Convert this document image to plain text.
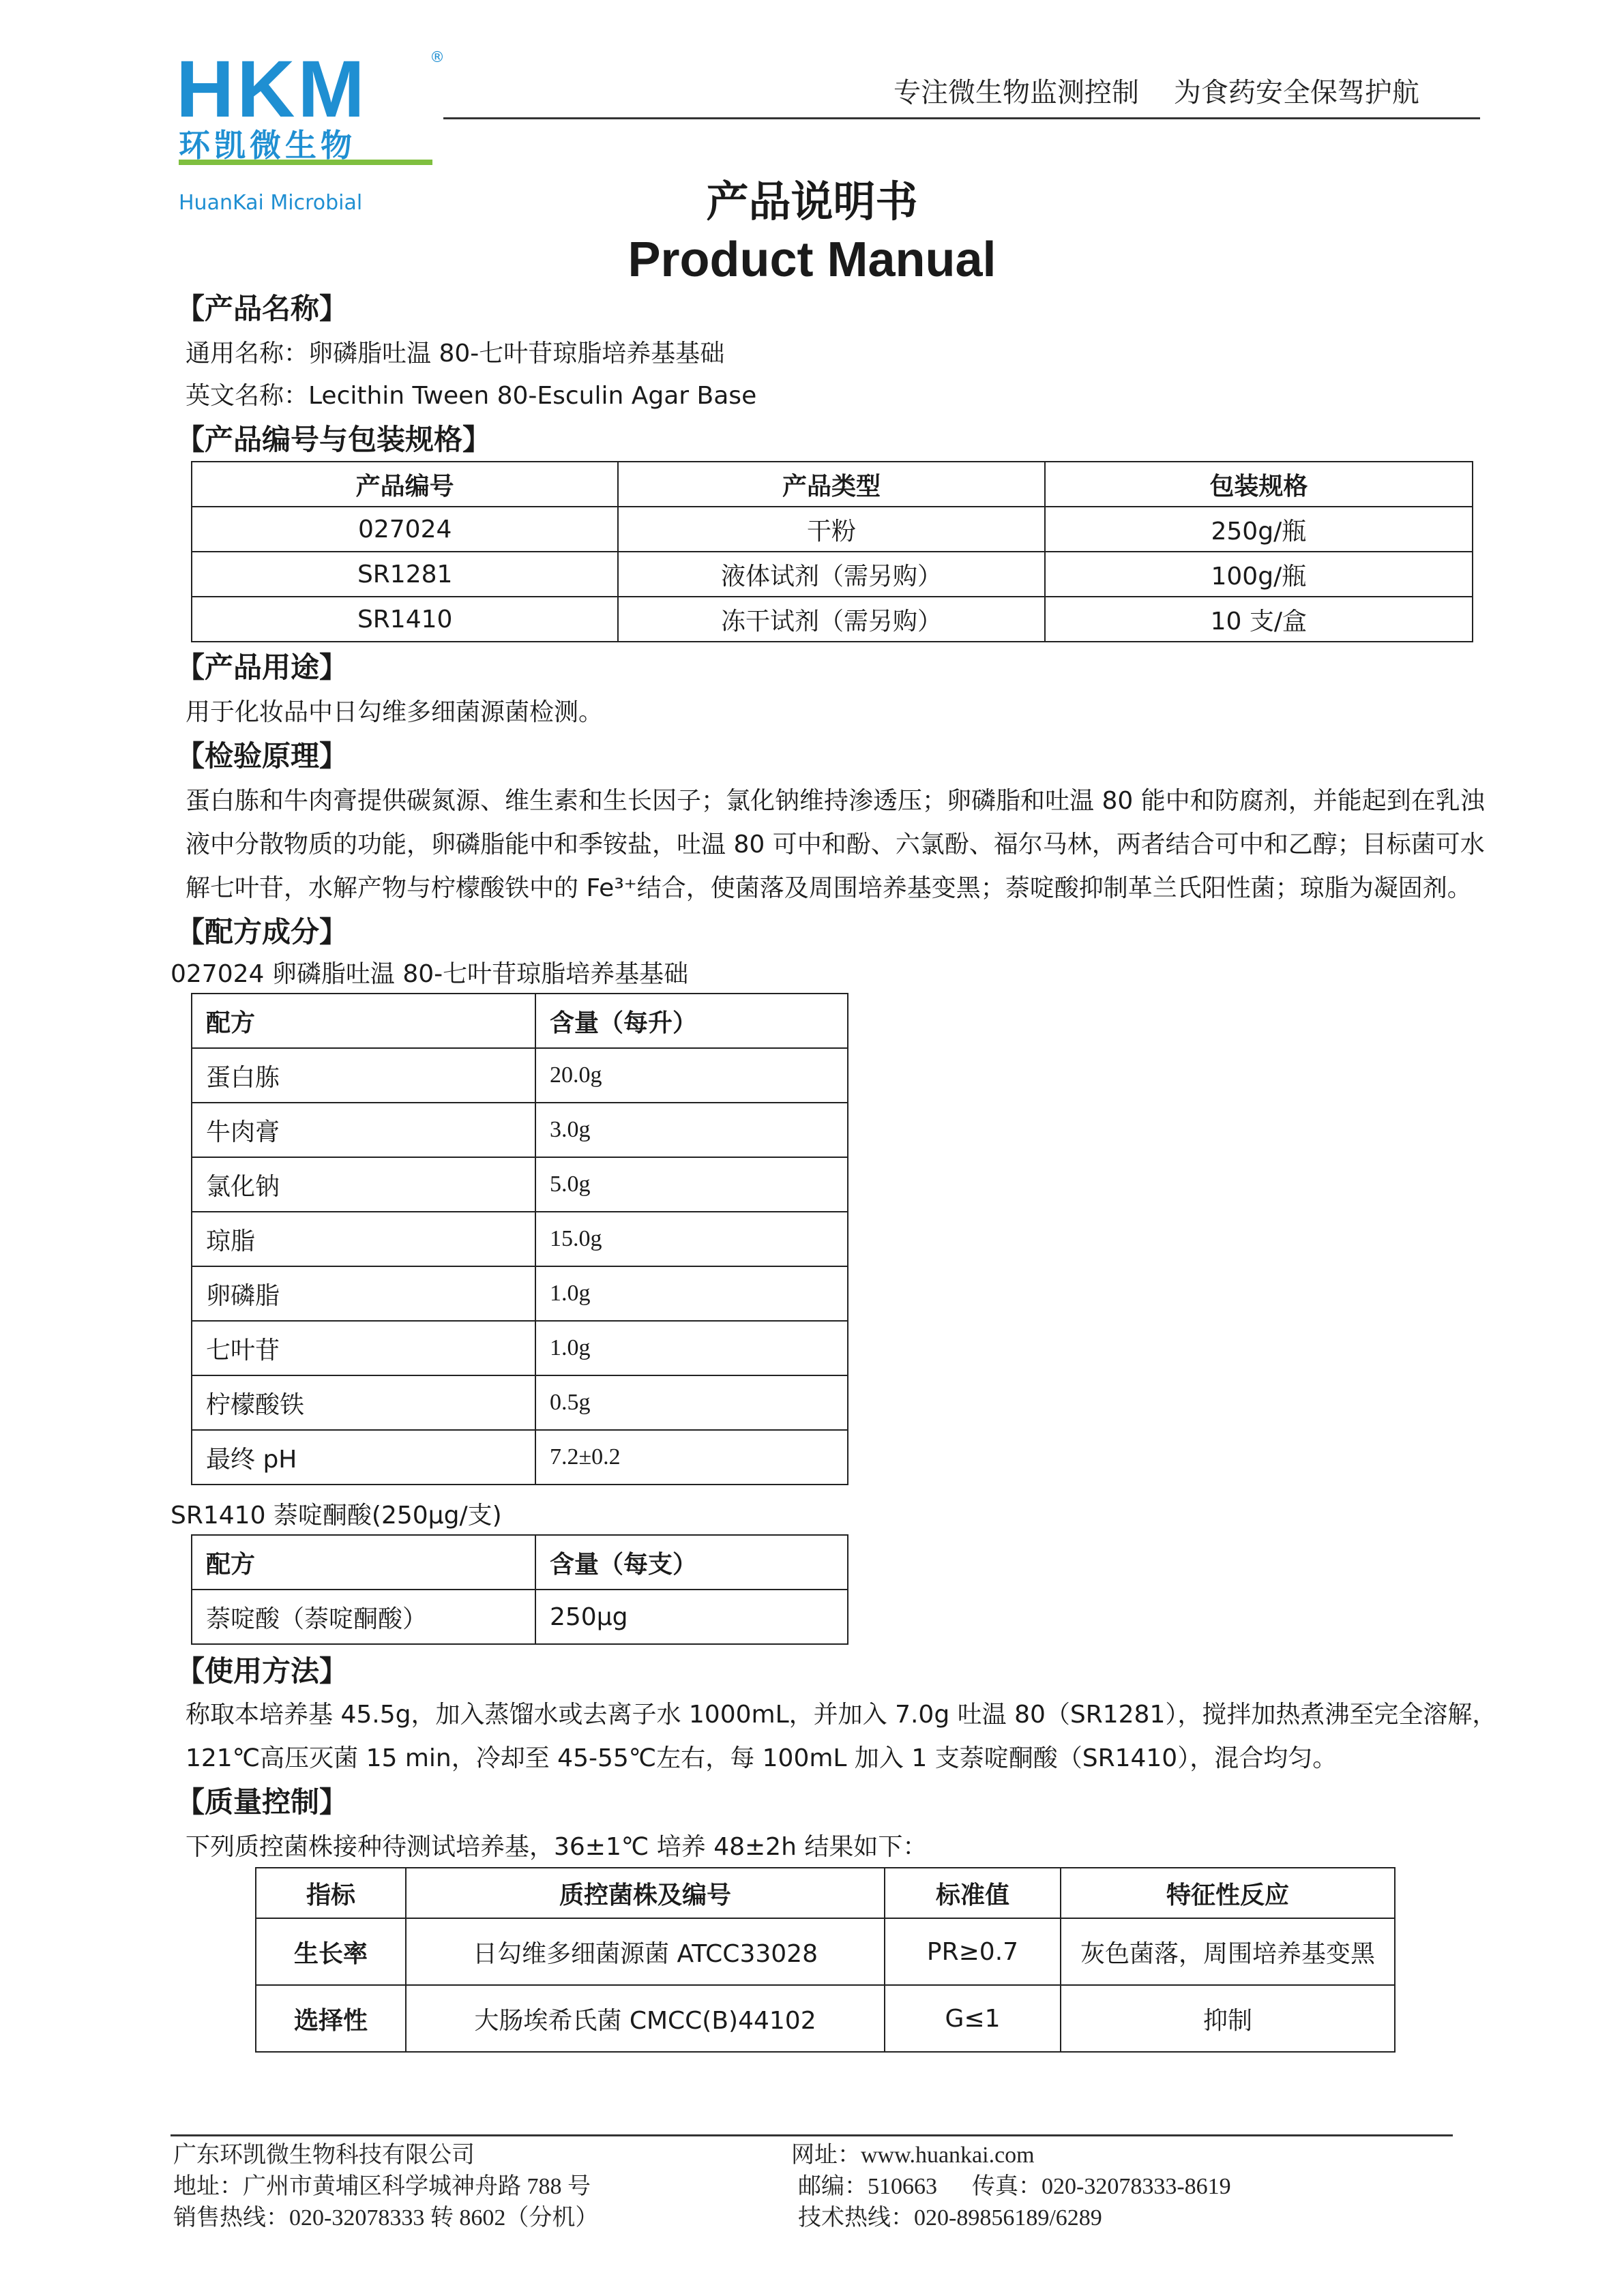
HKM	®
环凯微生物
HuanKai Microbial
专注微生物监测控制    为食药安全保驾护航
产品说明书
Product Manual
【产品名称】
通用名称：卵磷脂吐温 80-七叶苷琼脂培养基基础
英文名称：Lecithin Tween 80-Esculin Agar Base
【产品编号与包装规格】
产品编号	产品类型	包装规格
027024	干粉	250g/瓶
SR1281	液体试剂（需另购）	100g/瓶
SR1410	冻干试剂（需另购）	10 支/盒
【产品用途】
用于化妆品中日勾维多细菌源菌检测。
【检验原理】
蛋白胨和牛肉膏提供碳氮源、维生素和生长因子；氯化钠维持渗透压；卵磷脂和吐温 80 能中和防腐剂，并能起到在乳浊
液中分散物质的功能，卵磷脂能中和季铵盐，吐温 80 可中和酚、六氯酚、福尔马林，两者结合可中和乙醇；目标菌可水
解七叶苷，水解产物与柠檬酸铁中的 Fe³⁺结合，使菌落及周围培养基变黑；萘啶酸抑制革兰氏阳性菌；琼脂为凝固剂。
【配方成分】
027024 卵磷脂吐温 80-七叶苷琼脂培养基基础
配方	含量（每升）
蛋白胨	20.0g
牛肉膏	3.0g
氯化钠	5.0g
琼脂	15.0g
卵磷脂	1.0g
七叶苷	1.0g
柠檬酸铁	0.5g
最终 pH	7.2±0.2
SR1410 萘啶酮酸(250μg/支)
配方	含量（每支）
萘啶酸（萘啶酮酸）	250μg
【使用方法】
称取本培养基 45.5g，加入蒸馏水或去离子水 1000mL，并加入 7.0g 吐温 80（SR1281），搅拌加热煮沸至完全溶解，
121℃高压灭菌 15 min，冷却至 45-55℃左右，每 100mL 加入 1 支萘啶酮酸（SR1410），混合均匀。
【质量控制】
下列质控菌株接种待测试培养基，36±1℃ 培养 48±2h 结果如下：
指标	质控菌株及编号	标准值	特征性反应
生长率	日勾维多细菌源菌 ATCC33028	PR≥0.7	灰色菌落，周围培养基变黑
选择性	大肠埃希氏菌 CMCC(B)44102	G≤1	抑制
广东环凯微生物科技有限公司
地址：广州市黄埔区科学城神舟路 788 号
销售热线：020-32078333 转 8602（分机）
网址：www.huankai.com
邮编：510663      传真：020-32078333-8619
技术热线：020-89856189/6289
